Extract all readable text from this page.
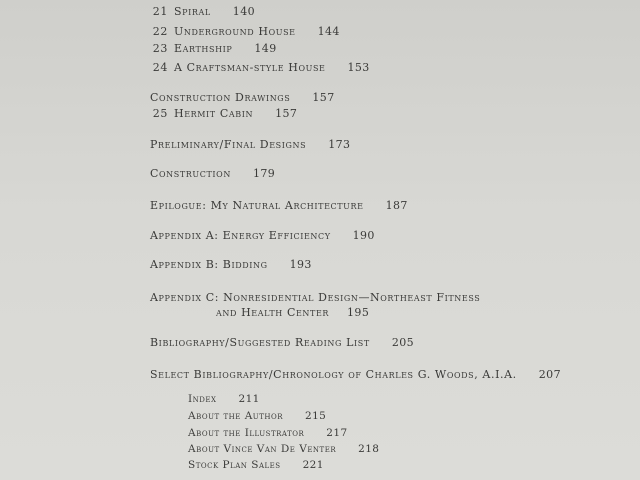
21 Spiral 140
22 Underground House 144
23 Earthship 149
24 A Craftsman-style House 153
Construction Drawings 157
25 Hermit Cabin 157
Preliminary/Final Designs 173
Construction 179
Epilogue: My Natural Architecture 187
Appendix A: Energy Efficiency 190
Appendix B: Bidding 193
Appendix C: Nonresidential Design—Northeast Fitness
and Health Center 195
Bibliography/Suggested Reading List 205
Select Bibliography/Chronology of Charles G. Woods, A.I.A. 207
Index 211
About the Author 215
About the Illustrator 217
About Vince Van De Venter 218
Stock Plan Sales 221
